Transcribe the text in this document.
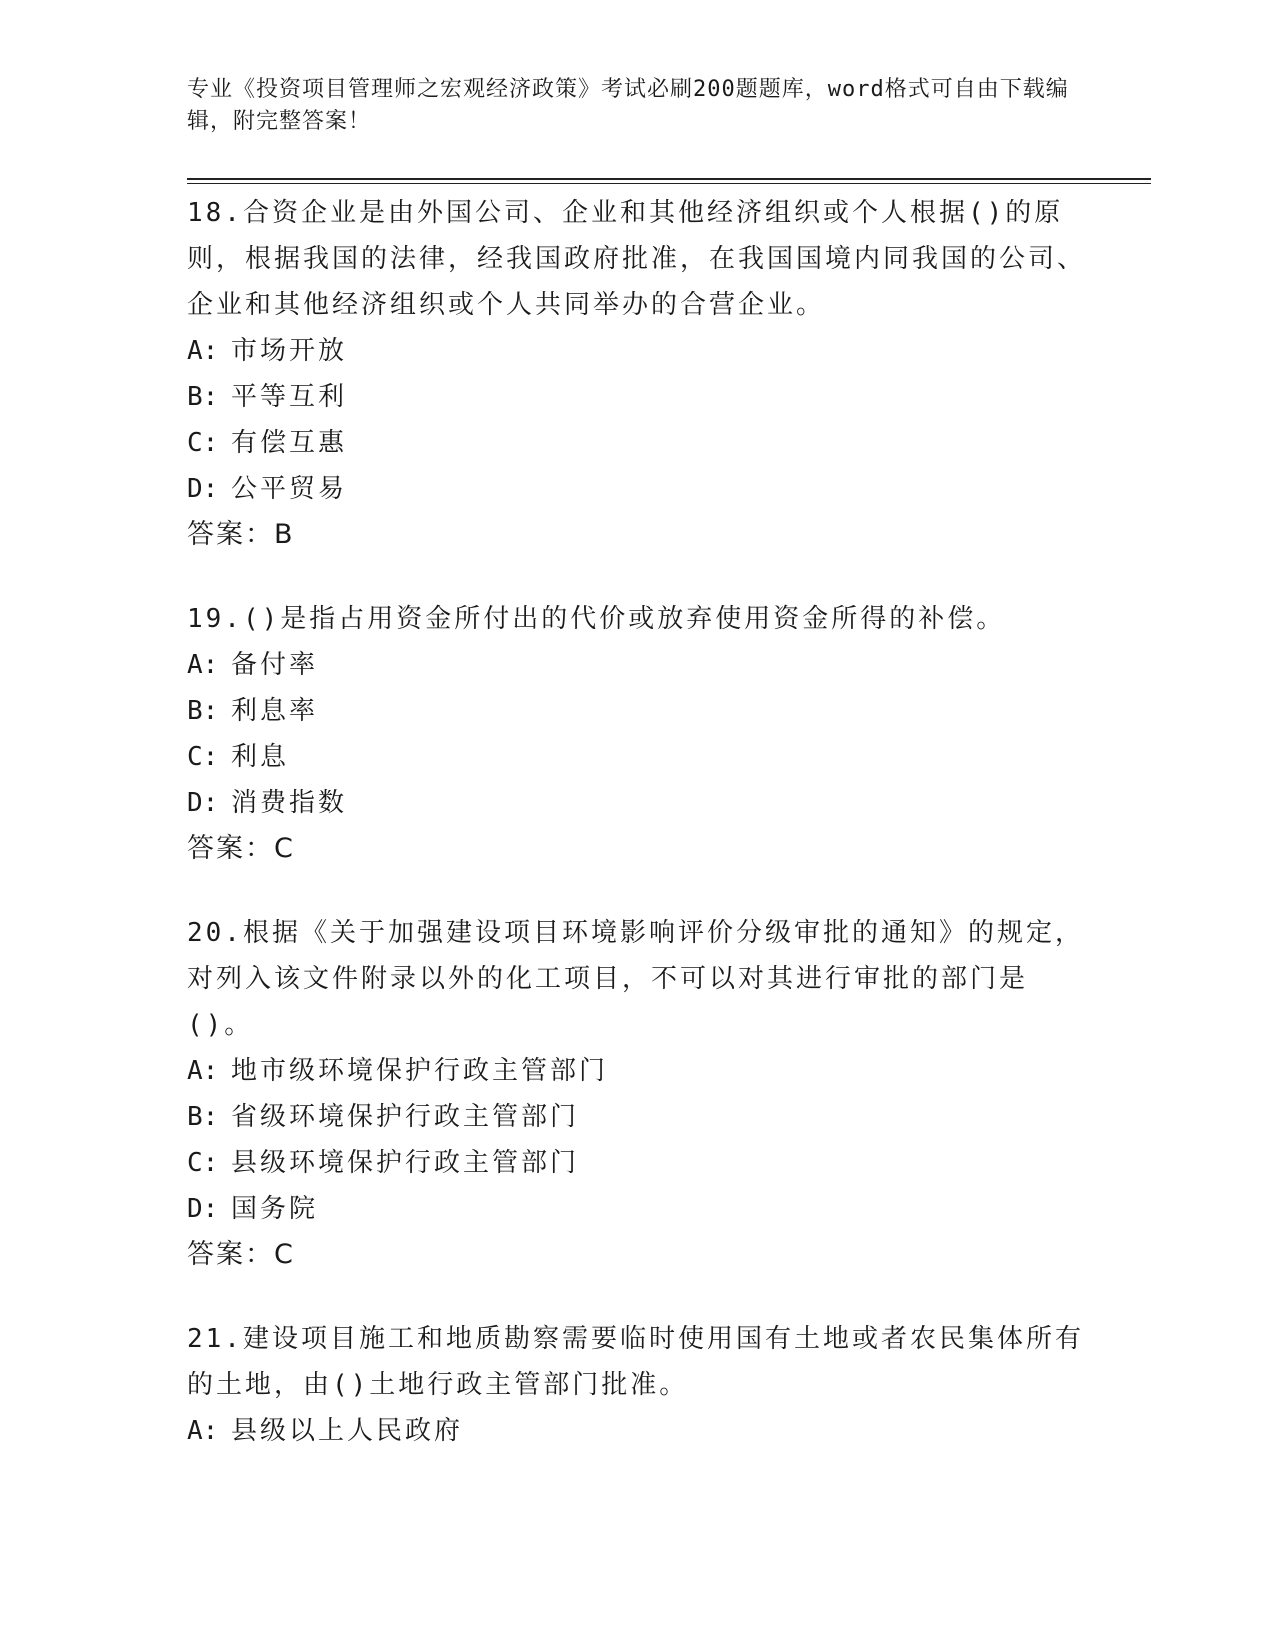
专业《投资项目管理师之宏观经济政策》考试必刷200题题库，word格式可自由下载编辑，附完整答案！
18.合资企业是由外国公司、企业和其他经济组织或个人根据()的原则，根据我国的法律，经我国政府批准，在我国国境内同我国的公司、企业和其他经济组织或个人共同举办的合营企业。
A: 市场开放
B: 平等互利
C: 有偿互惠
D: 公平贸易
答案：B
19.()是指占用资金所付出的代价或放弃使用资金所得的补偿。
A: 备付率
B: 利息率
C: 利息
D: 消费指数
答案：C
20.根据《关于加强建设项目环境影响评价分级审批的通知》的规定，对列入该文件附录以外的化工项目，不可以对其进行审批的部门是()。
A: 地市级环境保护行政主管部门
B: 省级环境保护行政主管部门
C: 县级环境保护行政主管部门
D: 国务院
答案：C
21.建设项目施工和地质勘察需要临时使用国有土地或者农民集体所有的土地，由()土地行政主管部门批准。
A: 县级以上人民政府
